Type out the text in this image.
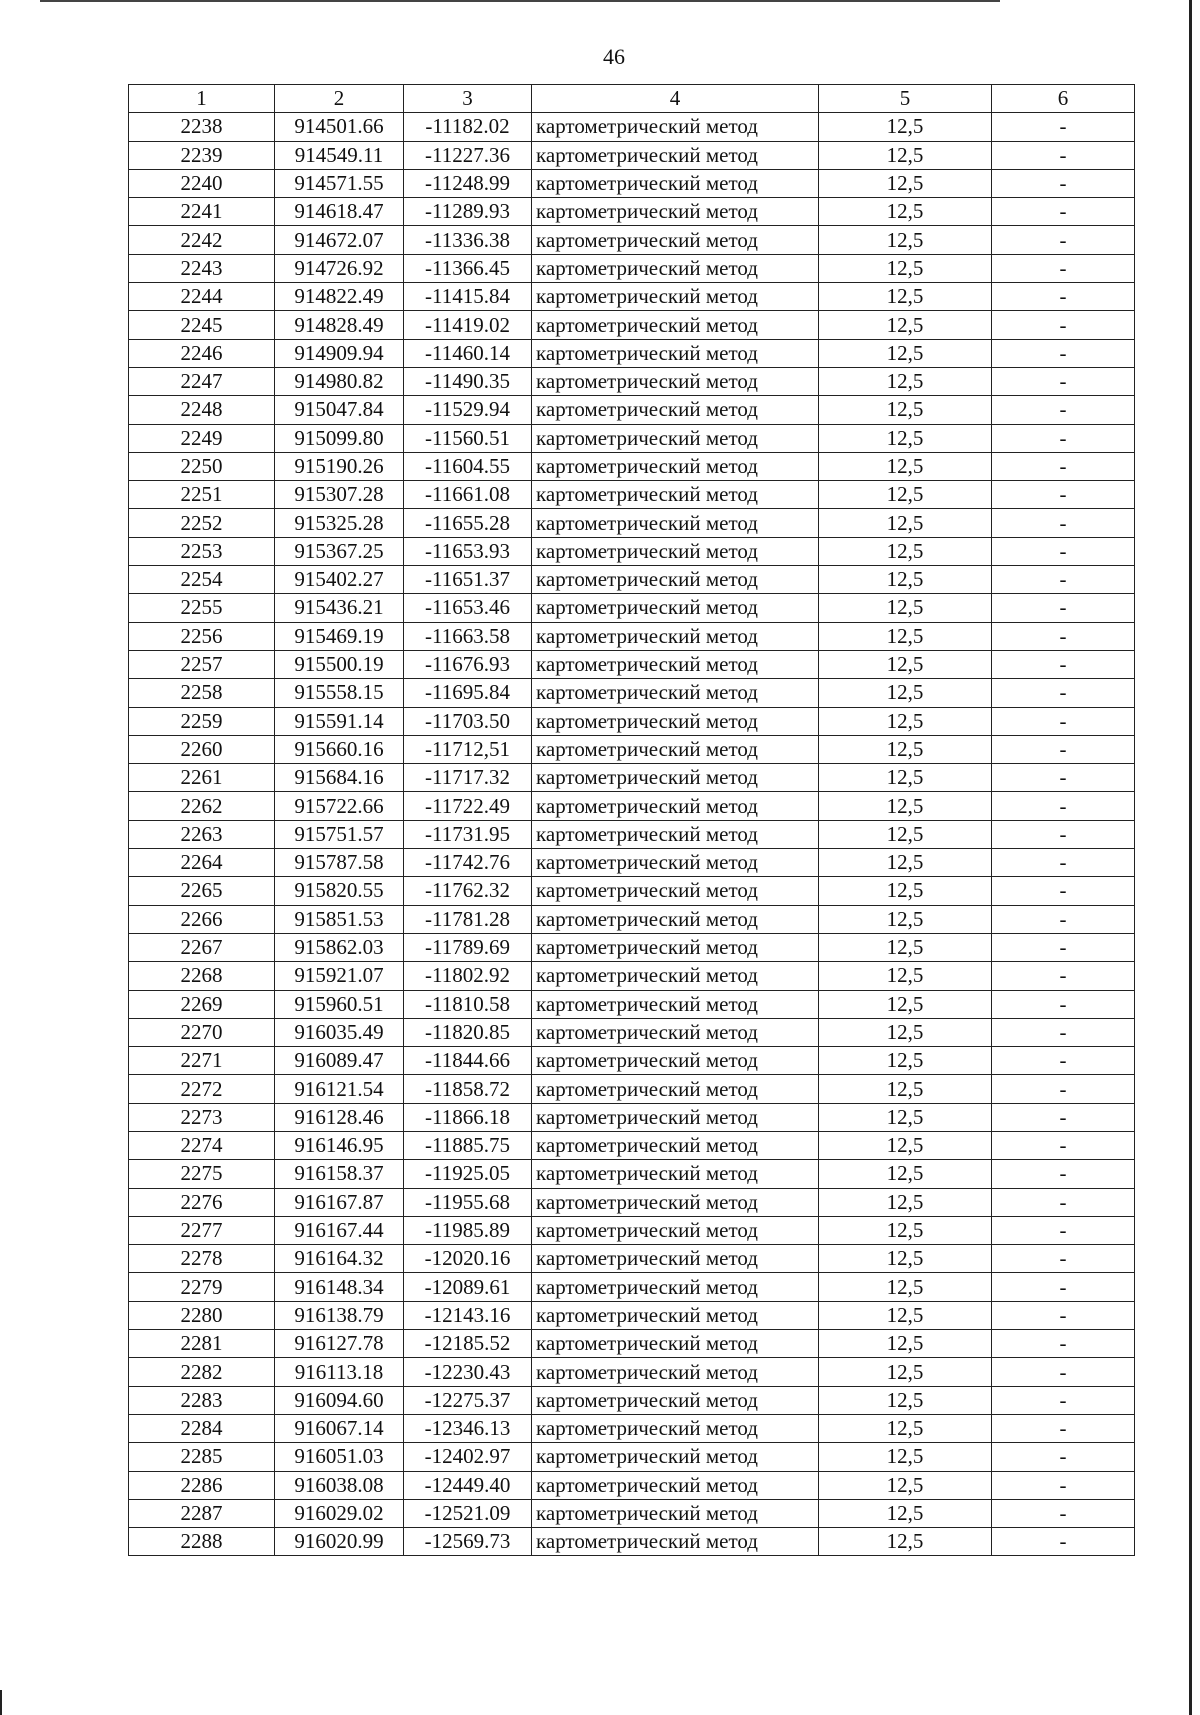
46
1	2	3	4	5	6
2238	914501.66	-11182.02	картометрический метод	12,5	-
2239	914549.11	-11227.36	картометрический метод	12,5	-
2240	914571.55	-11248.99	картометрический метод	12,5	-
2241	914618.47	-11289.93	картометрический метод	12,5	-
2242	914672.07	-11336.38	картометрический метод	12,5	-
2243	914726.92	-11366.45	картометрический метод	12,5	-
2244	914822.49	-11415.84	картометрический метод	12,5	-
2245	914828.49	-11419.02	картометрический метод	12,5	-
2246	914909.94	-11460.14	картометрический метод	12,5	-
2247	914980.82	-11490.35	картометрический метод	12,5	-
2248	915047.84	-11529.94	картометрический метод	12,5	-
2249	915099.80	-11560.51	картометрический метод	12,5	-
2250	915190.26	-11604.55	картометрический метод	12,5	-
2251	915307.28	-11661.08	картометрический метод	12,5	-
2252	915325.28	-11655.28	картометрический метод	12,5	-
2253	915367.25	-11653.93	картометрический метод	12,5	-
2254	915402.27	-11651.37	картометрический метод	12,5	-
2255	915436.21	-11653.46	картометрический метод	12,5	-
2256	915469.19	-11663.58	картометрический метод	12,5	-
2257	915500.19	-11676.93	картометрический метод	12,5	-
2258	915558.15	-11695.84	картометрический метод	12,5	-
2259	915591.14	-11703.50	картометрический метод	12,5	-
2260	915660.16	-11712,51	картометрический метод	12,5	-
2261	915684.16	-11717.32	картометрический метод	12,5	-
2262	915722.66	-11722.49	картометрический метод	12,5	-
2263	915751.57	-11731.95	картометрический метод	12,5	-
2264	915787.58	-11742.76	картометрический метод	12,5	-
2265	915820.55	-11762.32	картометрический метод	12,5	-
2266	915851.53	-11781.28	картометрический метод	12,5	-
2267	915862.03	-11789.69	картометрический метод	12,5	-
2268	915921.07	-11802.92	картометрический метод	12,5	-
2269	915960.51	-11810.58	картометрический метод	12,5	-
2270	916035.49	-11820.85	картометрический метод	12,5	-
2271	916089.47	-11844.66	картометрический метод	12,5	-
2272	916121.54	-11858.72	картометрический метод	12,5	-
2273	916128.46	-11866.18	картометрический метод	12,5	-
2274	916146.95	-11885.75	картометрический метод	12,5	-
2275	916158.37	-11925.05	картометрический метод	12,5	-
2276	916167.87	-11955.68	картометрический метод	12,5	-
2277	916167.44	-11985.89	картометрический метод	12,5	-
2278	916164.32	-12020.16	картометрический метод	12,5	-
2279	916148.34	-12089.61	картометрический метод	12,5	-
2280	916138.79	-12143.16	картометрический метод	12,5	-
2281	916127.78	-12185.52	картометрический метод	12,5	-
2282	916113.18	-12230.43	картометрический метод	12,5	-
2283	916094.60	-12275.37	картометрический метод	12,5	-
2284	916067.14	-12346.13	картометрический метод	12,5	-
2285	916051.03	-12402.97	картометрический метод	12,5	-
2286	916038.08	-12449.40	картометрический метод	12,5	-
2287	916029.02	-12521.09	картометрический метод	12,5	-
2288	916020.99	-12569.73	картометрический метод	12,5	-
